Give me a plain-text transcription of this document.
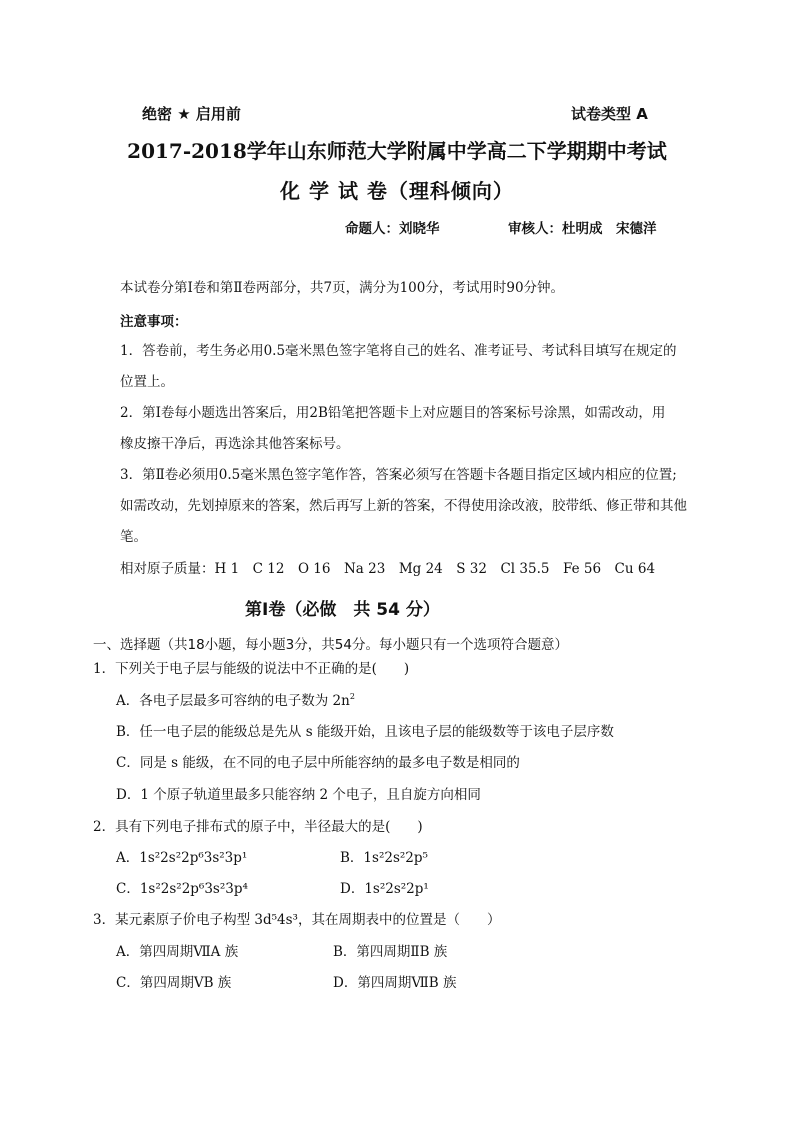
绝密 ★ 启用前	试卷类型 A
2017-2018学年山东师范大学附属中学高二下学期期中考试
化 学 试 卷（理科倾向）
命题人：刘晓华	审核人：杜明成　宋德洋
本试卷分第Ⅰ卷和第Ⅱ卷两部分，共7页，满分为100分，考试用时90分钟。
注意事项：
1．答卷前，考生务必用0.5毫米黑色签字笔将自己的姓名、准考证号、考试科目填写在规定的
位置上。
2．第Ⅰ卷每小题选出答案后，用2B铅笔把答题卡上对应题目的答案标号涂黑，如需改动，用
橡皮擦干净后，再选涂其他答案标号。
3．第Ⅱ卷必须用0.5毫米黑色签字笔作答，答案必须写在答题卡各题目指定区域内相应的位置;
如需改动，先划掉原来的答案，然后再写上新的答案，不得使用涂改液，胶带纸、修正带和其他
笔。
相对原子质量：H 1　C 12　O 16　Na 23　Mg 24　S 32　Cl 35.5　Fe 56　Cu 64
第Ⅰ卷（必做　共 54 分）
一、选择题（共18小题，每小题3分，共54分。每小题只有一个选项符合题意）
1．下列关于电子层与能级的说法中不正确的是(　　)
A．各电子层最多可容纳的电子数为 $2n^2$
B．任一电子层的能级总是先从 s 能级开始，且该电子层的能级数等于该电子层序数
C．同是 s 能级，在不同的电子层中所能容纳的最多电子数是相同的
D．1 个原子轨道里最多只能容纳 2 个电子，且自旋方向相同
2．具有下列电子排布式的原子中，半径最大的是(　　)
A．1s²2s²2p⁶3s²3p¹	B．1s²2s²2p⁵
C．1s²2s²2p⁶3s²3p⁴	D．1s²2s²2p¹
3．某元素原子价电子构型 3d⁵4s³，其在周期表中的位置是（　　）
A．第四周期ⅦA 族	B．第四周期ⅡB 族
C．第四周期ⅤB 族	D．第四周期ⅦB 族
